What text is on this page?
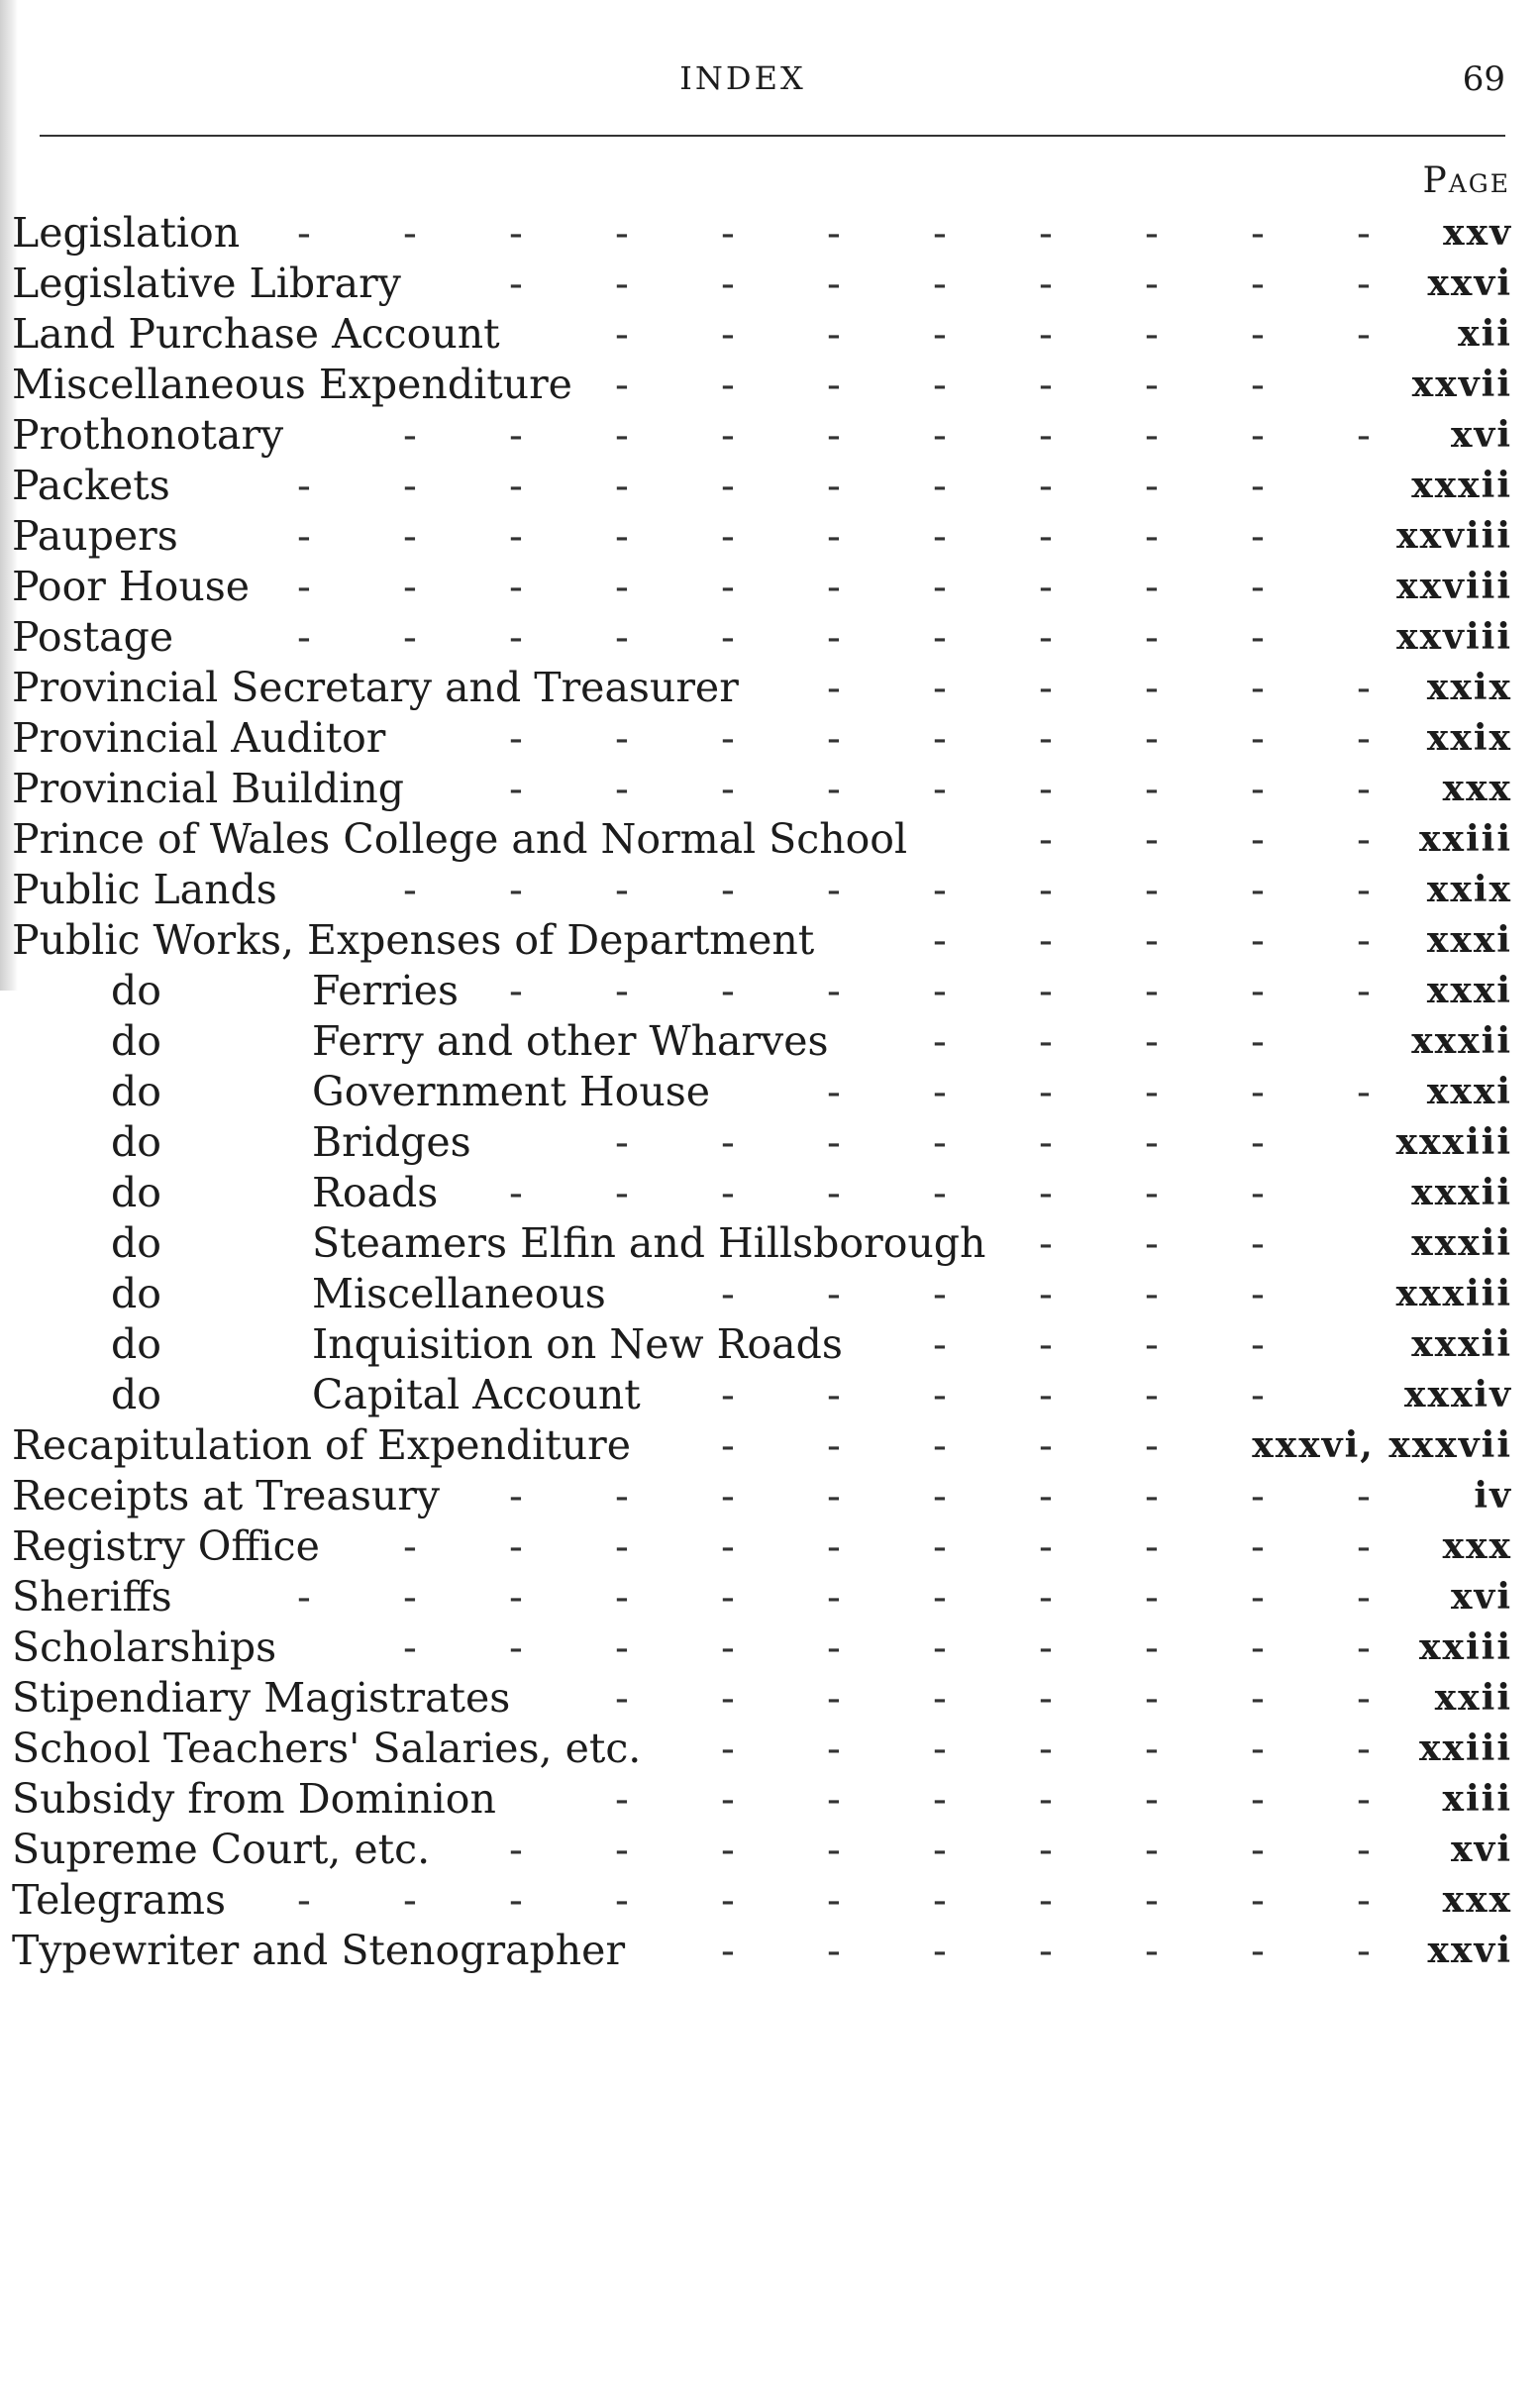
INDEX	69
Page
Legislation - - - - - - - - - - - xxv
Legislative Library	- - - - - - - - - xxvi
Land Purchase Account	- - - - - - - - xii
Miscellaneous Expenditure - - - - - - -	xxvii
Prothonotary	- - - - - - - - - - xvi
Packets	- - - - - - - - - -	xxxii
Paupers	- - - - - - - - - -	xxviii
Poor House - - - - - - - - - -	xxviii
Postage	- - - - - - - - - -	xxviii
Provincial Secretary and Treasurer - - - - - - xxix
Provincial Auditor	- - - - - - - - - xxix
Provincial Building	- - - - - - - - - xxx
Prince of Wales College and Normal School	- - - - xxiii
Public Lands	- - - - - - - - - - xxix
Public Works, Expenses of Department	- - - - - xxxi
do	Ferries - - - - - - - - - xxxi
do	Ferry and other Wharves	- - - -	xxxii
do	Government House	- - - - - - xxxi
do	Bridges	- - - - - - -	xxxiii
do	Roads - - - - - - - -	xxxii
do	Steamers Elfin and Hillsborough - - -	xxxii
do	Miscellaneous	- - - - - -	xxxiii
do	Inquisition on New Roads - - - -	xxxii
do	Capital Account - - - - - -	xxxiv
Recapitulation of Expenditure - - - - -	xxxvi, xxxvii
Receipts at Treasury - - - - - - - - -	iv
Registry Office - - - - - - - - - - xxx
Sheriffs	- - - - - - - - - - - xvi
Scholarships	- - - - - - - - - - xxiii
Stipendiary Magistrates	- - - - - - - - xxii
School Teachers' Salaries, etc. - - - - - - - xxiii
Subsidy from Dominion	- - - - - - - - xiii
Supreme Court, etc. - - - - - - - - - xvi
Telegrams - - - - - - - - - - - xxx
Typewriter and Stenographer - - - - - - - xxvi
